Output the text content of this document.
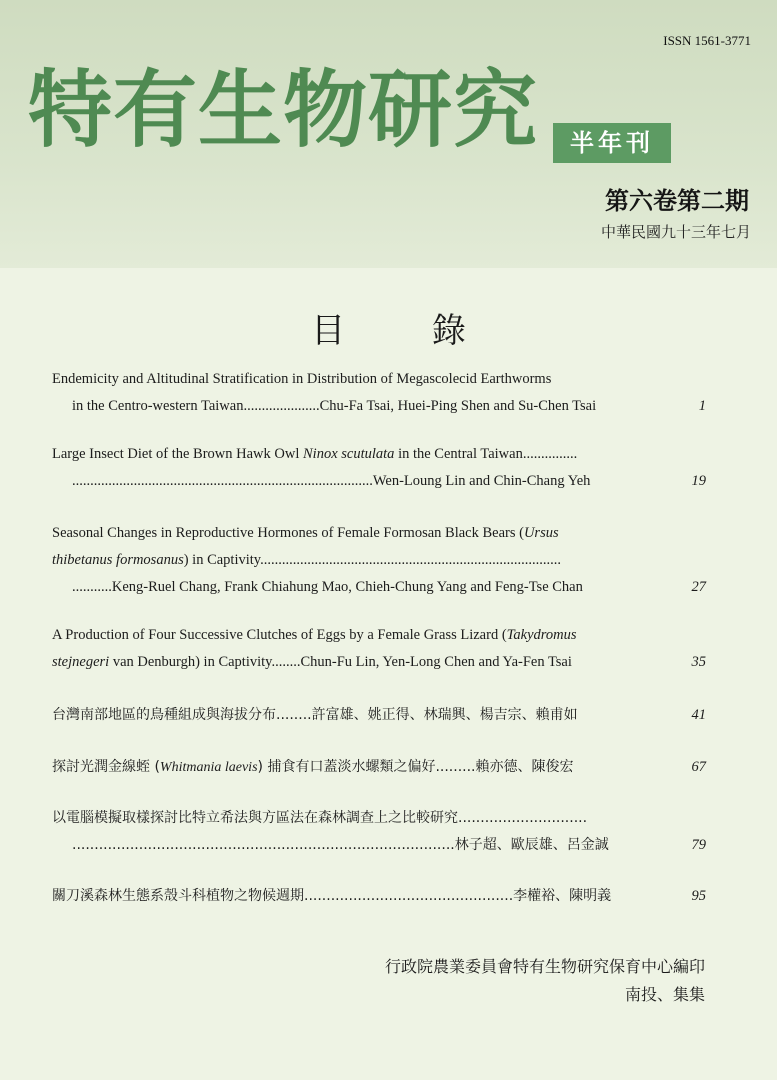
ISSN 1561-3771
特有生物研究	半年刊
第六卷第二期
中華民國九十三年七月
目 錄
Endemicity and Altitudinal Stratification in Distribution of Megascolecid Earthworms
in the Centro-western Taiwan.....................Chu-Fa Tsai, Huei-Ping Shen and Su-Chen Tsai	1
Large Insect Diet of the Brown Hawk Owl Ninox scutulata in the Central Taiwan...............
...................................................................................Wen-Loung Lin and Chin-Chang Yeh	19
Seasonal Changes in Reproductive Hormones of Female Formosan Black Bears (Ursus
thibetanus formosanus) in Captivity...................................................................................
...........Keng-Ruel Chang, Frank Chiahung Mao, Chieh-Chung Yang and Feng-Tse Chan	27
A Production of Four Successive Clutches of Eggs by a Female Grass Lizard (Takydromus
stejnegeri van Denburgh) in Captivity........Chun-Fu Lin, Yen-Long Chen and Ya-Fen Tsai	35
台灣南部地區的鳥種組成與海拔分布........許富雄、姚正得、林瑞興、楊吉宗、賴甫如	41
探討光潤金線蛭 (Whitmania laevis) 捕食有口蓋淡水螺類之偏好.........賴亦德、陳俊宏	67
以電腦模擬取樣探討比特立希法與方區法在森林調查上之比較研究.............................
......................................................................................林子超、歐辰雄、呂金誠	79
關刀溪森林生態系殼斗科植物之物候週期...............................................李權裕、陳明義	95
行政院農業委員會特有生物研究保育中心編印
南投、集集
